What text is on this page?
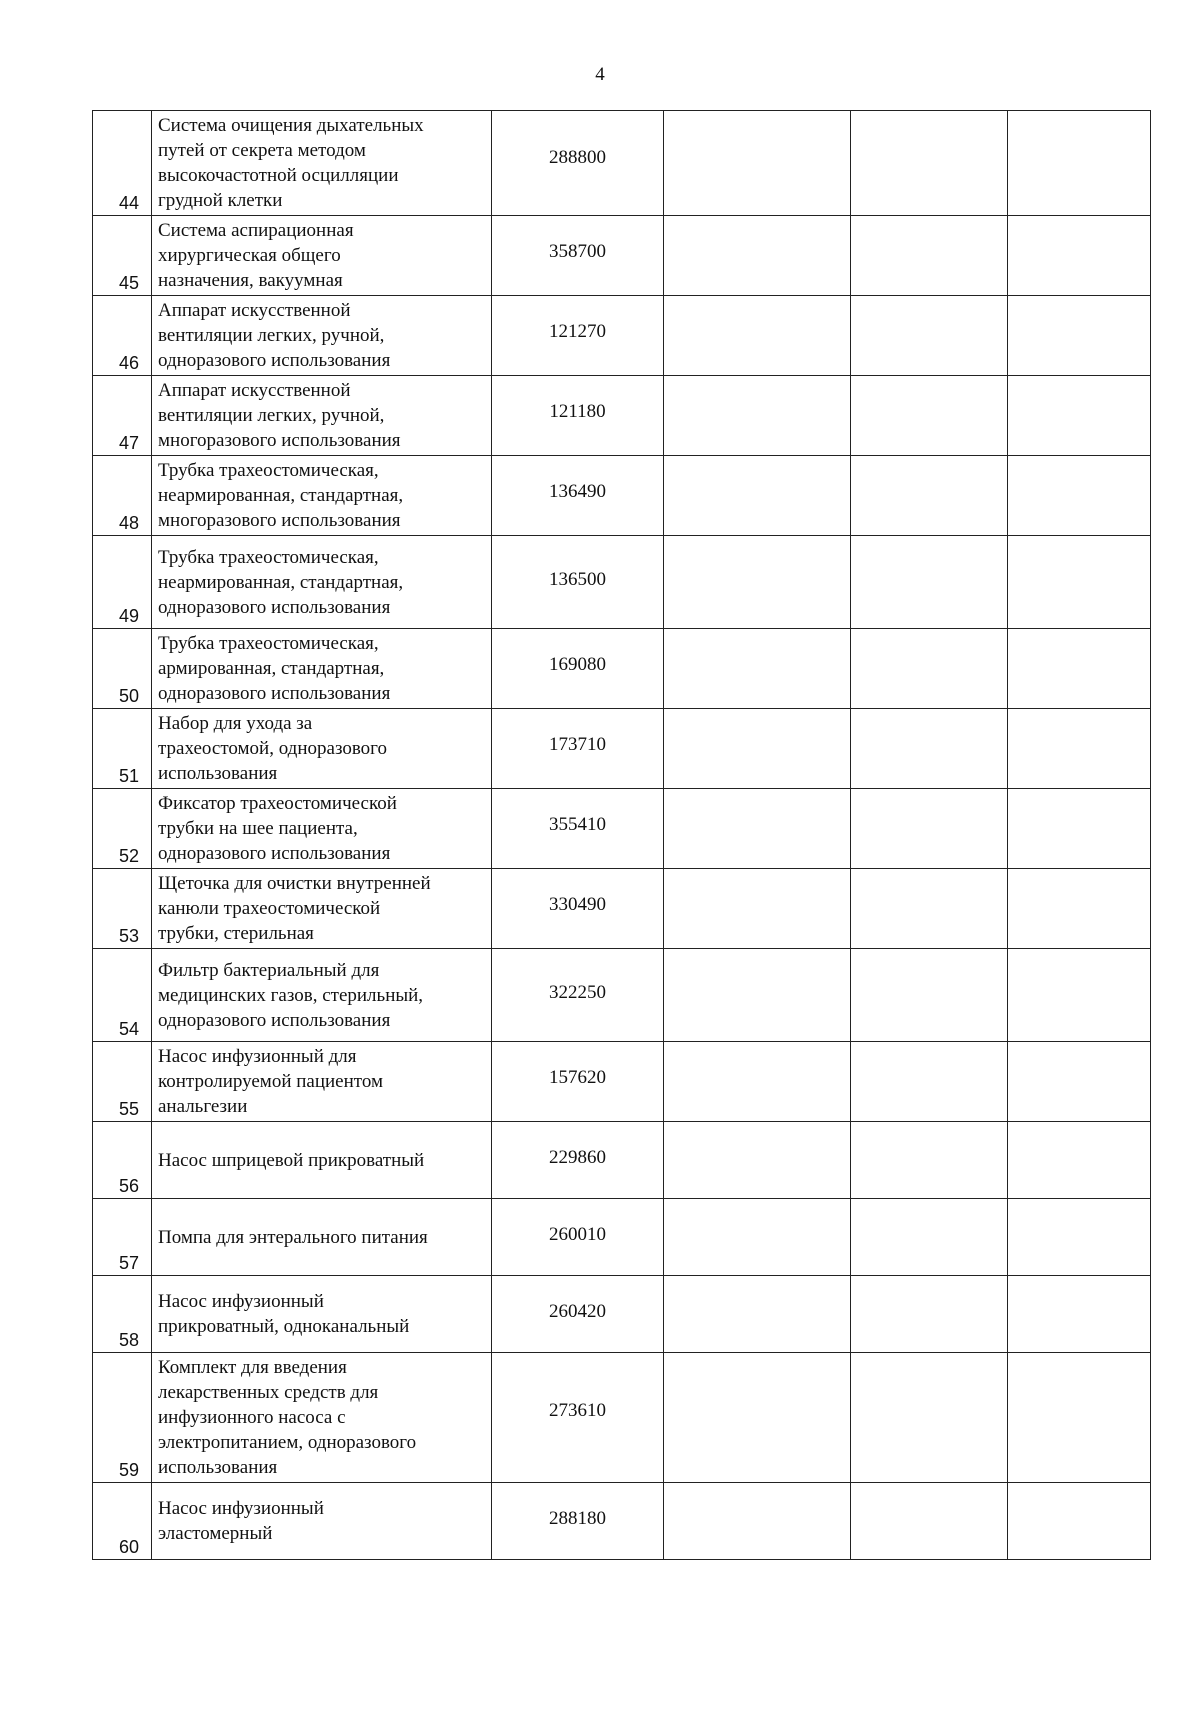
4
44	Система очищения дыхательных
путей от секрета методом
высокочастотной осцилляции
грудной клетки	288800			
45	Система аспирационная
хирургическая общего
назначения, вакуумная	358700			
46	Аппарат искусственной
вентиляции легких, ручной,
одноразового использования	121270			
47	Аппарат искусственной
вентиляции легких, ручной,
многоразового использования	121180			
48	Трубка трахеостомическая,
неармированная, стандартная,
многоразового использования	136490			
49	Трубка трахеостомическая,
неармированная, стандартная,
одноразового использования	136500			
50	Трубка трахеостомическая,
армированная, стандартная,
одноразового использования	169080			
51	Набор для ухода за
трахеостомой, одноразового
использования	173710			
52	Фиксатор трахеостомической
трубки на шее пациента,
одноразового использования	355410			
53	Щеточка для очистки внутренней
канюли трахеостомической
трубки, стерильная	330490			
54	Фильтр бактериальный для
медицинских газов, стерильный,
одноразового использования	322250			
55	Насос инфузионный для
контролируемой пациентом
анальгезии	157620			
56	Насос шприцевой прикроватный	229860			
57	Помпа для энтерального питания	260010			
58	Насос инфузионный
прикроватный, одноканальный	260420			
59	Комплект для введения
лекарственных средств для
инфузионного насоса с
электропитанием, одноразового
использования	273610			
60	Насос инфузионный
эластомерный	288180			
